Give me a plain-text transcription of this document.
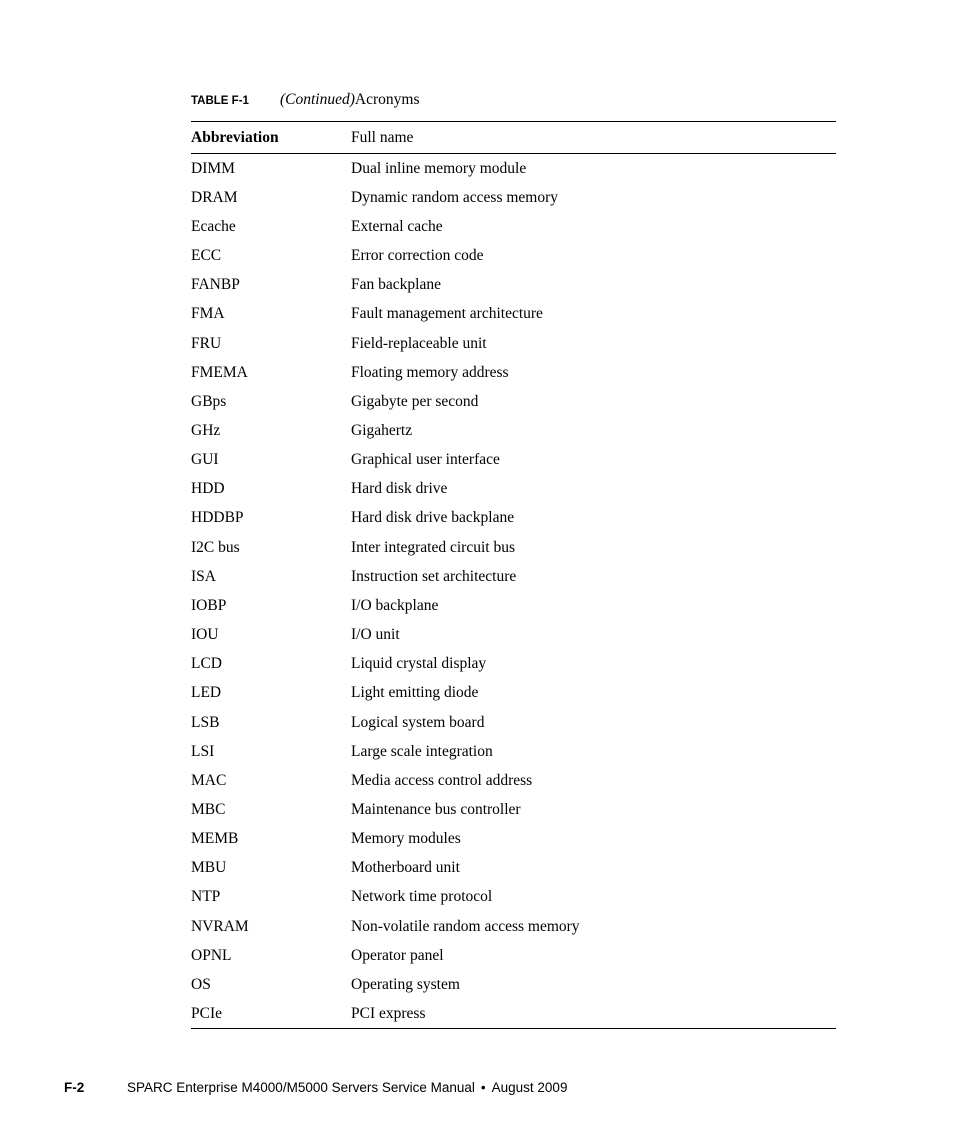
TABLE F-1	(Continued) Acronyms
Abbreviation	Full name
DIMM	Dual inline memory module
DRAM	Dynamic random access memory
Ecache	External cache
ECC	Error correction code
FANBP	Fan backplane
FMA	Fault management architecture
FRU	Field-replaceable unit
FMEMA	Floating memory address
GBps	Gigabyte per second
GHz	Gigahertz
GUI	Graphical user interface
HDD	Hard disk drive
HDDBP	Hard disk drive backplane
I2C bus	Inter integrated circuit bus
ISA	Instruction set architecture
IOBP	I/O backplane
IOU	I/O unit
LCD	Liquid crystal display
LED	Light emitting diode
LSB	Logical system board
LSI	Large scale integration
MAC	Media access control address
MBC	Maintenance bus controller
MEMB	Memory modules
MBU	Motherboard unit
NTP	Network time protocol
NVRAM	Non-volatile random access memory
OPNL	Operator panel
OS	Operating system
PCIe	PCI express
F-2	SPARC Enterprise M4000/M5000 Servers Service Manual • August 2009
